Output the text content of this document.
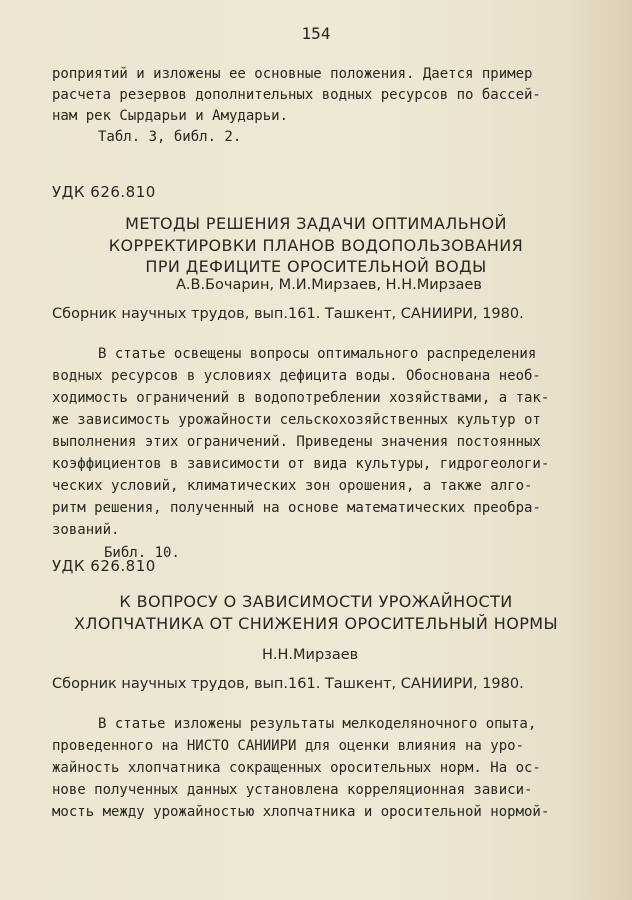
154
роприятий и изложены ее основные положения. Дается пример
расчета резервов дополнительных водных ресурсов по бассей-
нам рек Сырдарьи и Амударьи.
Табл. 3, библ. 2.
УДК 626.810
МЕТОДЫ РЕШЕНИЯ ЗАДАЧИ ОПТИМАЛЬНОЙ
КОРРЕКТИРОВКИ ПЛАНОВ ВОДОПОЛЬЗОВАНИЯ
ПРИ ДЕФИЦИТЕ ОРОСИТЕЛЬНОЙ ВОДЫ
А.В.Бочарин, М.И.Мирзаев, Н.Н.Мирзаев
Сборник научных трудов, вып.161. Ташкент, САНИИРИ, 1980.
В статье освещены вопросы оптимального распределения
водных ресурсов в условиях дефицита воды. Обоснована необ-
ходимость ограничений в водопотреблении хозяйствами, а так-
же зависимость урожайности сельскохозяйственных культур от
выполнения этих ограничений. Приведены значения постоянных
коэффициентов в зависимости от вида культуры, гидрогеологи-
ческих условий, климатических зон орошения, а также алго-
ритм решения, полученный на основе математических преобра-
зований.
Библ. 10.
УДК 626.810
К ВОПРОСУ О ЗАВИСИМОСТИ УРОЖАЙНОСТИ
ХЛОПЧАТНИКА ОТ СНИЖЕНИЯ ОРОСИТЕЛЬНЫЙ НОРМЫ
Н.Н.Мирзаев
Сборник научных трудов, вып.161. Ташкент, САНИИРИ, 1980.
В статье изложены результаты мелкоделяночного опыта,
проведенного на НИСТО САНИИРИ для оценки влияния на уро-
жайность хлопчатника сокращенных оросительных норм. На ос-
нове полученных данных установлена корреляционная зависи-
мость между урожайностью хлопчатника и оросительной нормой-
